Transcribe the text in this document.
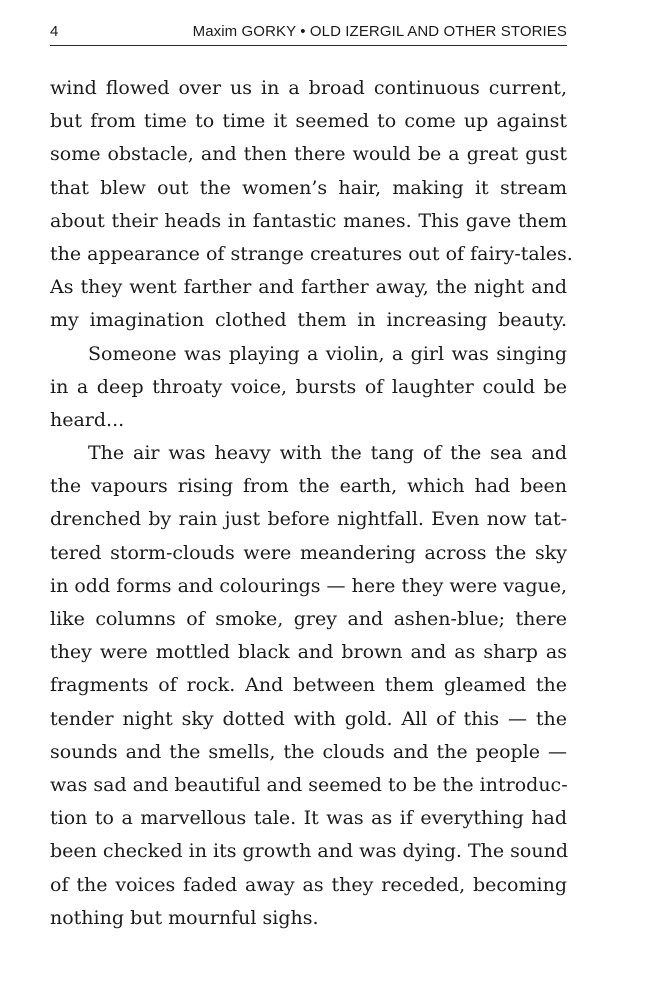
4	Maxim GORKY • OLD IZERGIL AND OTHER STORIES
wind flowed over us in a broad continuous current,
but from time to time it seemed to come up against
some obstacle, and then there would be a great gust
that blew out the women’s hair, making it stream
about their heads in fantastic manes. This gave them
the appearance of strange creatures out of fairy-tales.
As they went farther and farther away, the night and
my imagination clothed them in increasing beauty.
Someone was playing a violin, a girl was singing
in a deep throaty voice, bursts of laughter could be
heard...
The air was heavy with the tang of the sea and
the vapours rising from the earth, which had been
drenched by rain just before nightfall. Even now tat-
tered storm-clouds were meandering across the sky
in odd forms and colourings — here they were vague,
like columns of smoke, grey and ashen-blue; there
they were mottled black and brown and as sharp as
fragments of rock. And between them gleamed the
tender night sky dotted with gold. All of this — the
sounds and the smells, the clouds and the people —
was sad and beautiful and seemed to be the introduc-
tion to a marvellous tale. It was as if everything had
been checked in its growth and was dying. The sound
of the voices faded away as they receded, becoming
nothing but mournful sighs.
